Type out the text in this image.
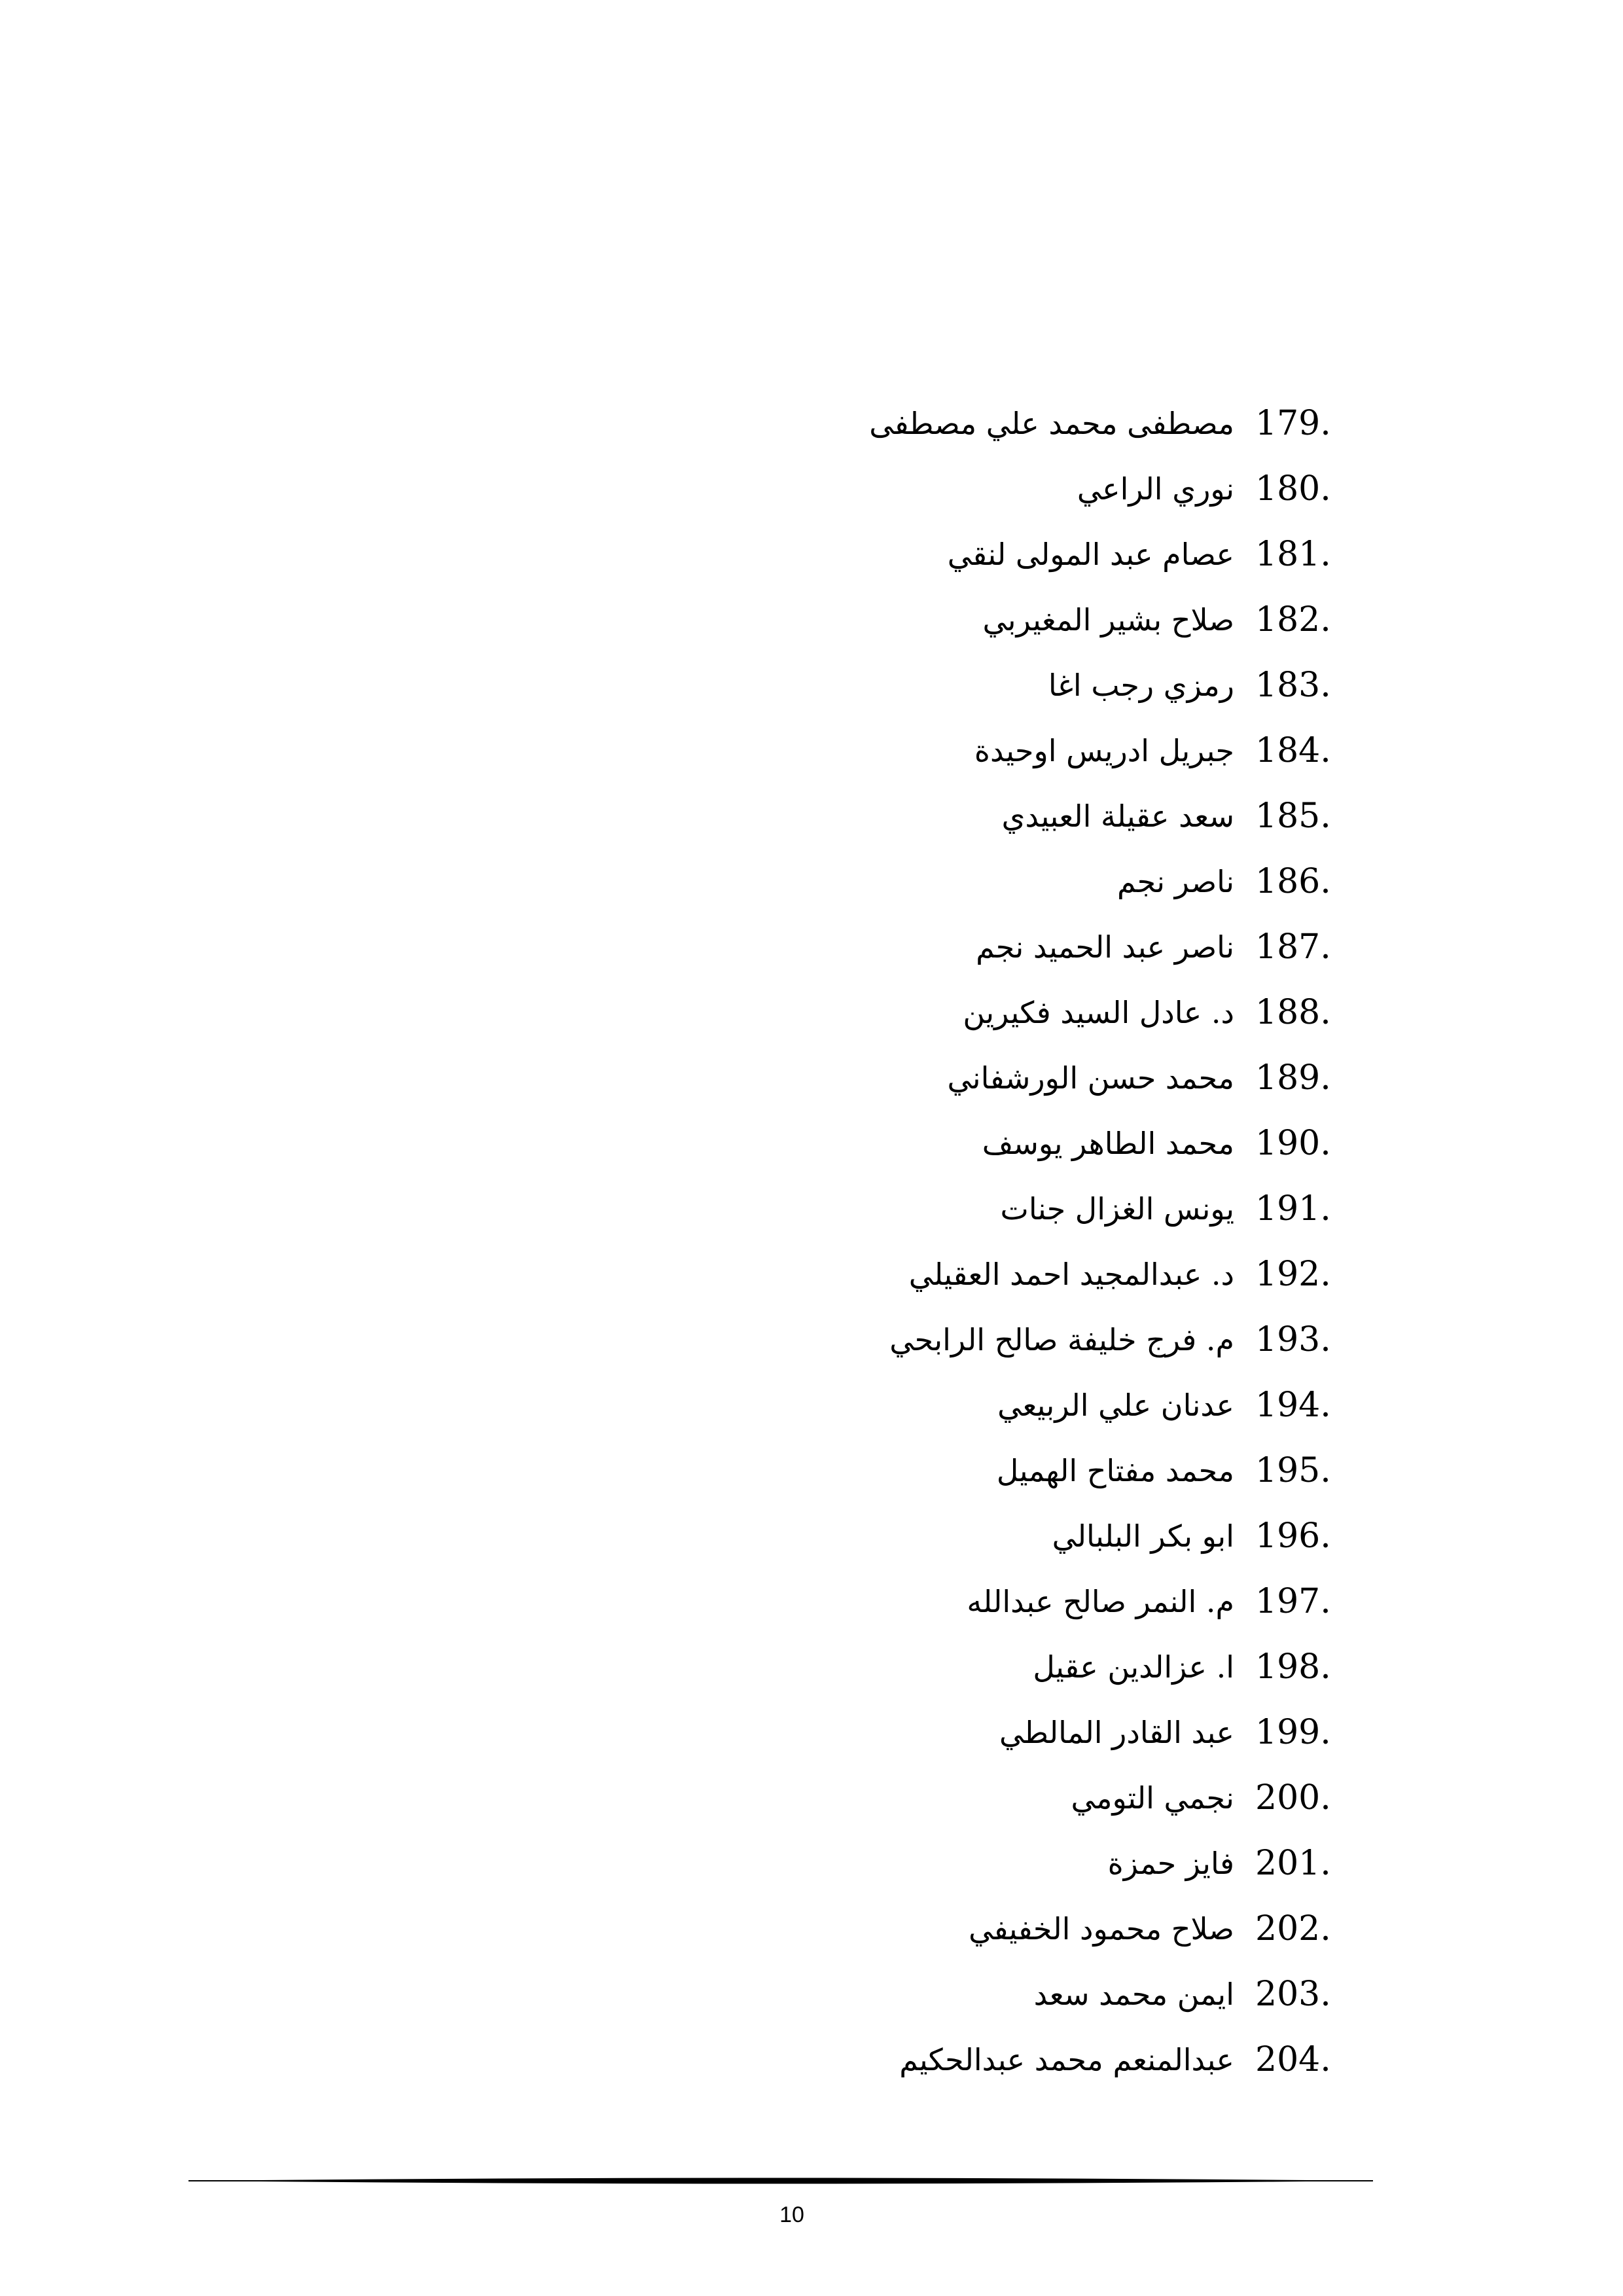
179.
مصطفى محمد علي مصطفى
180.
نوري الراعي
181.
عصام عبد المولى لنقي
182.
صلاح بشير المغيربي
183.
رمزي رجب اغا
184.
جبريل ادريس اوحيدة
185.
سعد عقيلة العبيدي
186.
ناصر نجم
187.
ناصر عبد الحميد نجم
188.
د. عادل السيد فكيرين
189.
محمد حسن الورشفاني
190.
محمد الطاهر يوسف
191.
يونس الغزال جنات
192.
د. عبدالمجيد احمد العقيلي
193.
م. فرج خليفة صالح الرابحي
194.
عدنان علي الربيعي
195.
محمد مفتاح الهميل
196.
ابو بكر البلبالي
197.
م. النمر صالح عبدالله
198.
ا. عزالدين عقيل
199.
عبد القادر المالطي
200.
نجمي التومي
201.
فايز حمزة
202.
صلاح محمود الخفيفي
203.
ايمن محمد سعد
204.
عبدالمنعم محمد عبدالحكيم
10
